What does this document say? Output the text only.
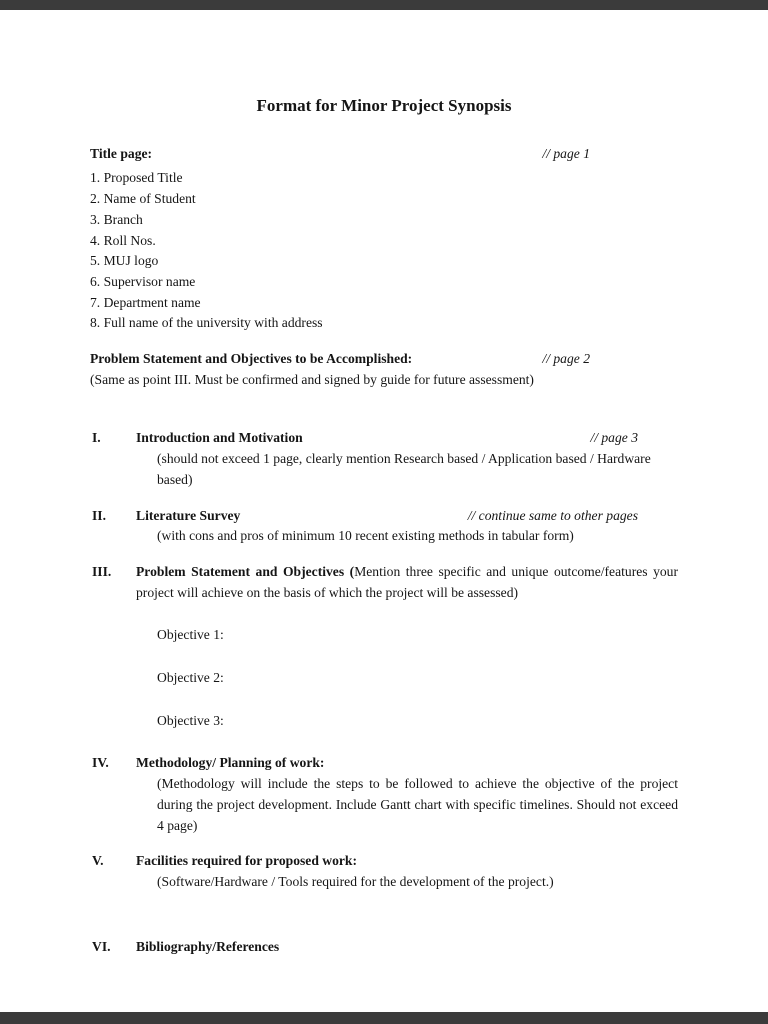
Format for Minor Project Synopsis
Title page:	// page 1
1. Proposed Title
2. Name of Student
3. Branch
4. Roll Nos.
5. MUJ logo
6. Supervisor name
7. Department name
8. Full name of the university with address
Problem Statement and Objectives to be Accomplished:	// page 2
(Same as point III. Must be confirmed and signed by guide for future assessment)
I.	Introduction and Motivation	// page 3

(should not exceed 1 page, clearly mention Research based / Application based / Hardware based)

II.	Literature Survey	// continue same to other pages

(with cons and pros of minimum 10 recent existing methods in tabular form)

III.	Problem Statement and Objectives (Mention three specific and unique outcome/features your project will achieve on the basis of which the project will be assessed)

Objective 1:

Objective 2:

Objective 3:

IV.	Methodology/ Planning of work:

(Methodology will include the steps to be followed to achieve the objective of the project during the project development. Include Gantt chart with specific timelines. Should not exceed 4 page)

V.	Facilities required for proposed work:

(Software/Hardware / Tools required for the development of the project.)

VI.	Bibliography/References
